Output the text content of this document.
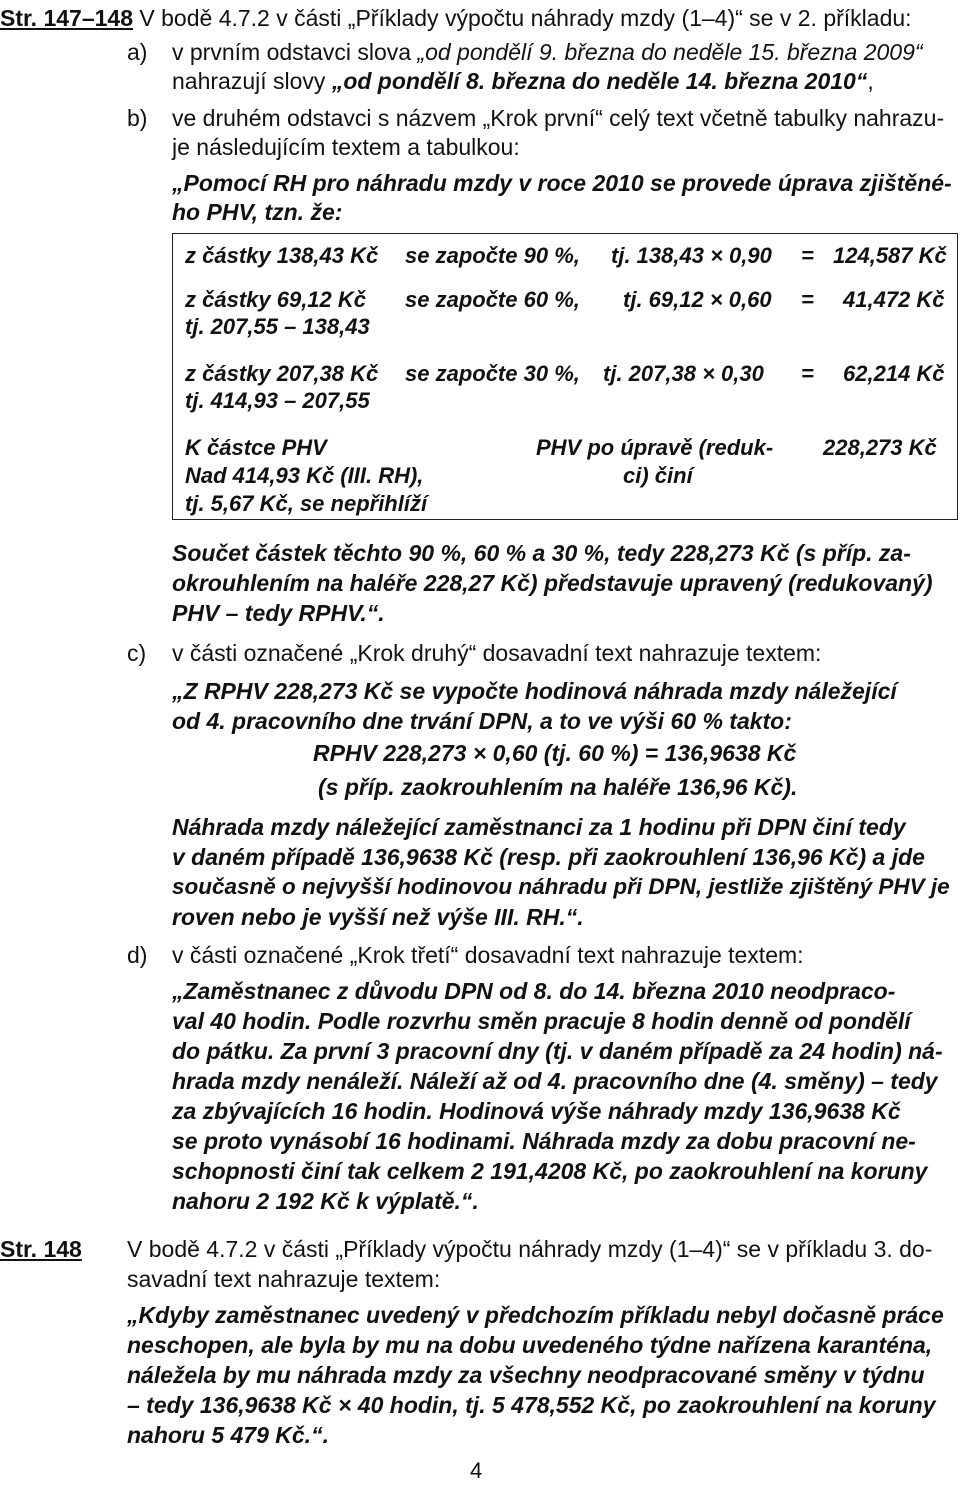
Str. 147–148 V bodě 4.7.2 v části „Příklady výpočtu náhrady mzdy (1–4)“ se v 2. příkladu:
a) v prvním odstavci slova „od pondělí 9. března do neděle 15. března 2009“
nahrazují slovy „od pondělí 8. března do neděle 14. března 2010“,
b) ve druhém odstavci s názvem „Krok první“ celý text včetně tabulky nahrazu-
je následujícím textem a tabulkou:
„Pomocí RH pro náhradu mzdy v roce 2010 se provede úprava zjištěné-
ho PHV, tzn. že:
z částky 138,43 Kč se započte 90 %, tj. 138,43 × 0,90 = 124,587 Kč
z částky 69,12 Kč
tj. 207,55 – 138,43
se započte 60 %, tj. 69,12 × 0,60 = 41,472 Kč
z částky 207,38 Kč
tj. 414,93 – 207,55
se započte 30 %, tj. 207,38 × 0,30 = 62,214 Kč
K částce PHV
Nad 414,93 Kč (III. RH),
tj. 5,67 Kč, se nepřihlíží
PHV po úpravě (reduk-
ci) činí
228,273 Kč
Součet částek těchto 90 %, 60 % a 30 %, tedy 228,273 Kč (s příp. za-
okrouhlením na haléře 228,27 Kč) představuje upravený (redukovaný)
PHV – tedy RPHV.“.
c) v části označené „Krok druhý“ dosavadní text nahrazuje textem:
„Z RPHV 228,273 Kč se vypočte hodinová náhrada mzdy náležející
od 4. pracovního dne trvání DPN, a to ve výši 60 % takto:
RPHV 228,273 × 0,60 (tj. 60 %) = 136,9638 Kč
(s příp. zaokrouhlením na haléře 136,96 Kč).
Náhrada mzdy náležející zaměstnanci za 1 hodinu při DPN činí tedy
v daném případě 136,9638 Kč (resp. při zaokrouhlení 136,96 Kč) a jde
současně o nejvyšší hodinovou náhradu při DPN, jestliže zjištěný PHV je
roven nebo je vyšší než výše III. RH.“.
d) v části označené „Krok třetí“ dosavadní text nahrazuje textem:
„Zaměstnanec z důvodu DPN od 8. do 14. března 2010 neodpraco-
val 40 hodin. Podle rozvrhu směn pracuje 8 hodin denně od pondělí
do pátku. Za první 3 pracovní dny (tj. v daném případě za 24 hodin) ná-
hrada mzdy nenáleží. Náleží až od 4. pracovního dne (4. směny) – tedy
za zbývajících 16 hodin. Hodinová výše náhrady mzdy 136,9638 Kč
se proto vynásobí 16 hodinami. Náhrada mzdy za dobu pracovní ne-
schopnosti činí tak celkem 2 191,4208 Kč, po zaokrouhlení na koruny
nahoru 2 192 Kč k výplatě.“.
Str. 148 V bodě 4.7.2 v části „Příklady výpočtu náhrady mzdy (1–4)“ se v příkladu 3. do-
savadní text nahrazuje textem:
„Kdyby zaměstnanec uvedený v předchozím příkladu nebyl dočasně práce
neschopen, ale byla by mu na dobu uvedeného týdne nařízena karanténa,
náležela by mu náhrada mzdy za všechny neodpracované směny v týdnu
– tedy 136,9638 Kč × 40 hodin, tj. 5 478,552 Kč, po zaokrouhlení na koruny
nahoru 5 479 Kč.“.
4
